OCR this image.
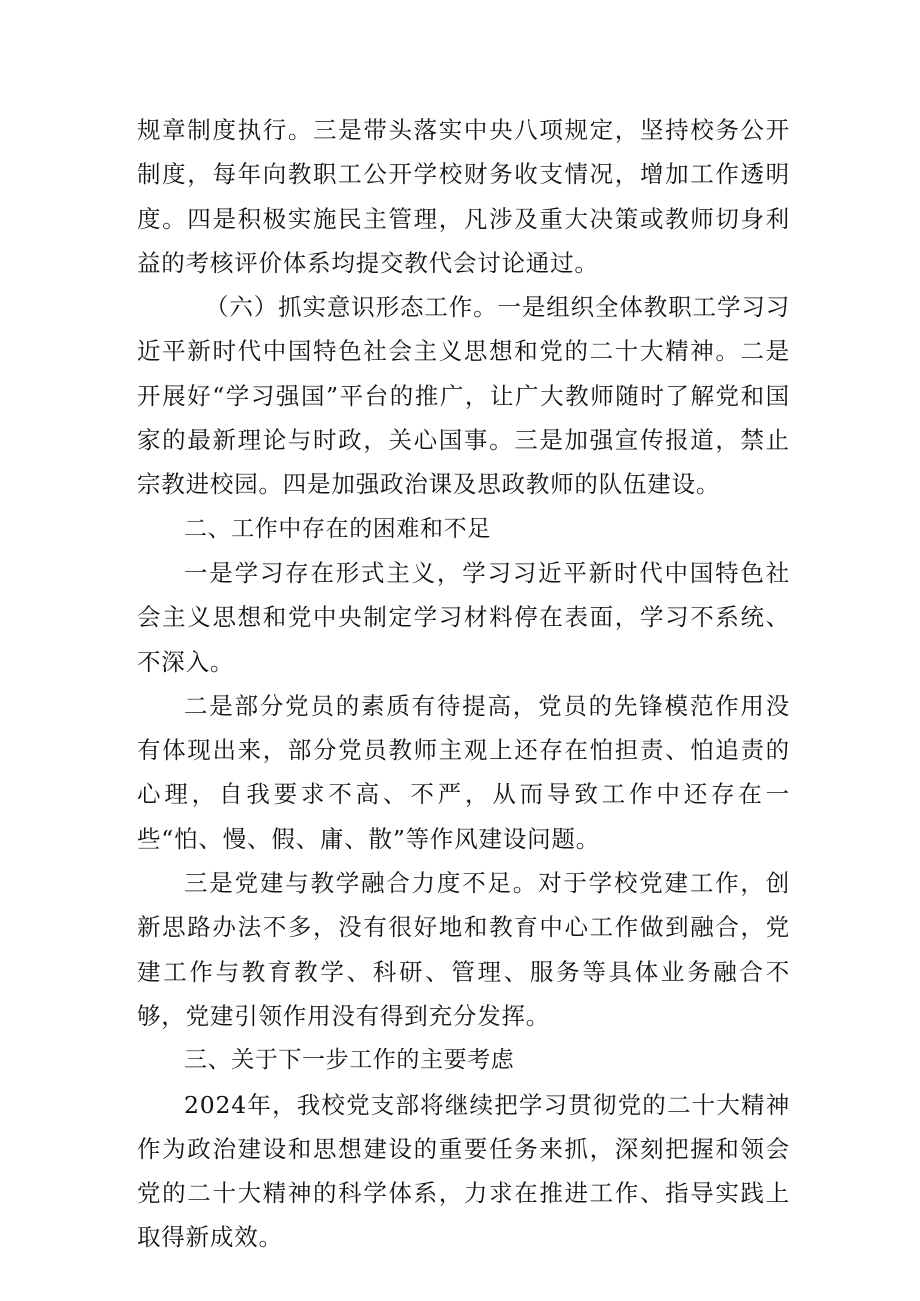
规章制度执行。三是带头落实中央八项规定，坚持校务公开制度，每年向教职工公开学校财务收支情况，增加工作透明度。四是积极实施民主管理，凡涉及重大决策或教师切身利益的考核评价体系均提交教代会讨论通过。

（六）抓实意识形态工作。一是组织全体教职工学习习近平新时代中国特色社会主义思想和党的二十大精神。二是开展好“学习强国”平台的推广，让广大教师随时了解党和国家的最新理论与时政，关心国事。三是加强宣传报道，禁止宗教进校园。四是加强政治课及思政教师的队伍建设。

二、工作中存在的困难和不足

一是学习存在形式主义，学习习近平新时代中国特色社会主义思想和党中央制定学习材料停在表面，学习不系统、不深入。

二是部分党员的素质有待提高，党员的先锋模范作用没有体现出来，部分党员教师主观上还存在怕担责、怕追责的心理，自我要求不高、不严，从而导致工作中还存在一些“怕、慢、假、庸、散”等作风建设问题。

三是党建与教学融合力度不足。对于学校党建工作，创新思路办法不多，没有很好地和教育中心工作做到融合，党建工作与教育教学、科研、管理、服务等具体业务融合不够，党建引领作用没有得到充分发挥。

三、关于下一步工作的主要考虑

2024年，我校党支部将继续把学习贯彻党的二十大精神作为政治建设和思想建设的重要任务来抓，深刻把握和领会党的二十大精神的科学体系，力求在推进工作、指导实践上取得新成效。
